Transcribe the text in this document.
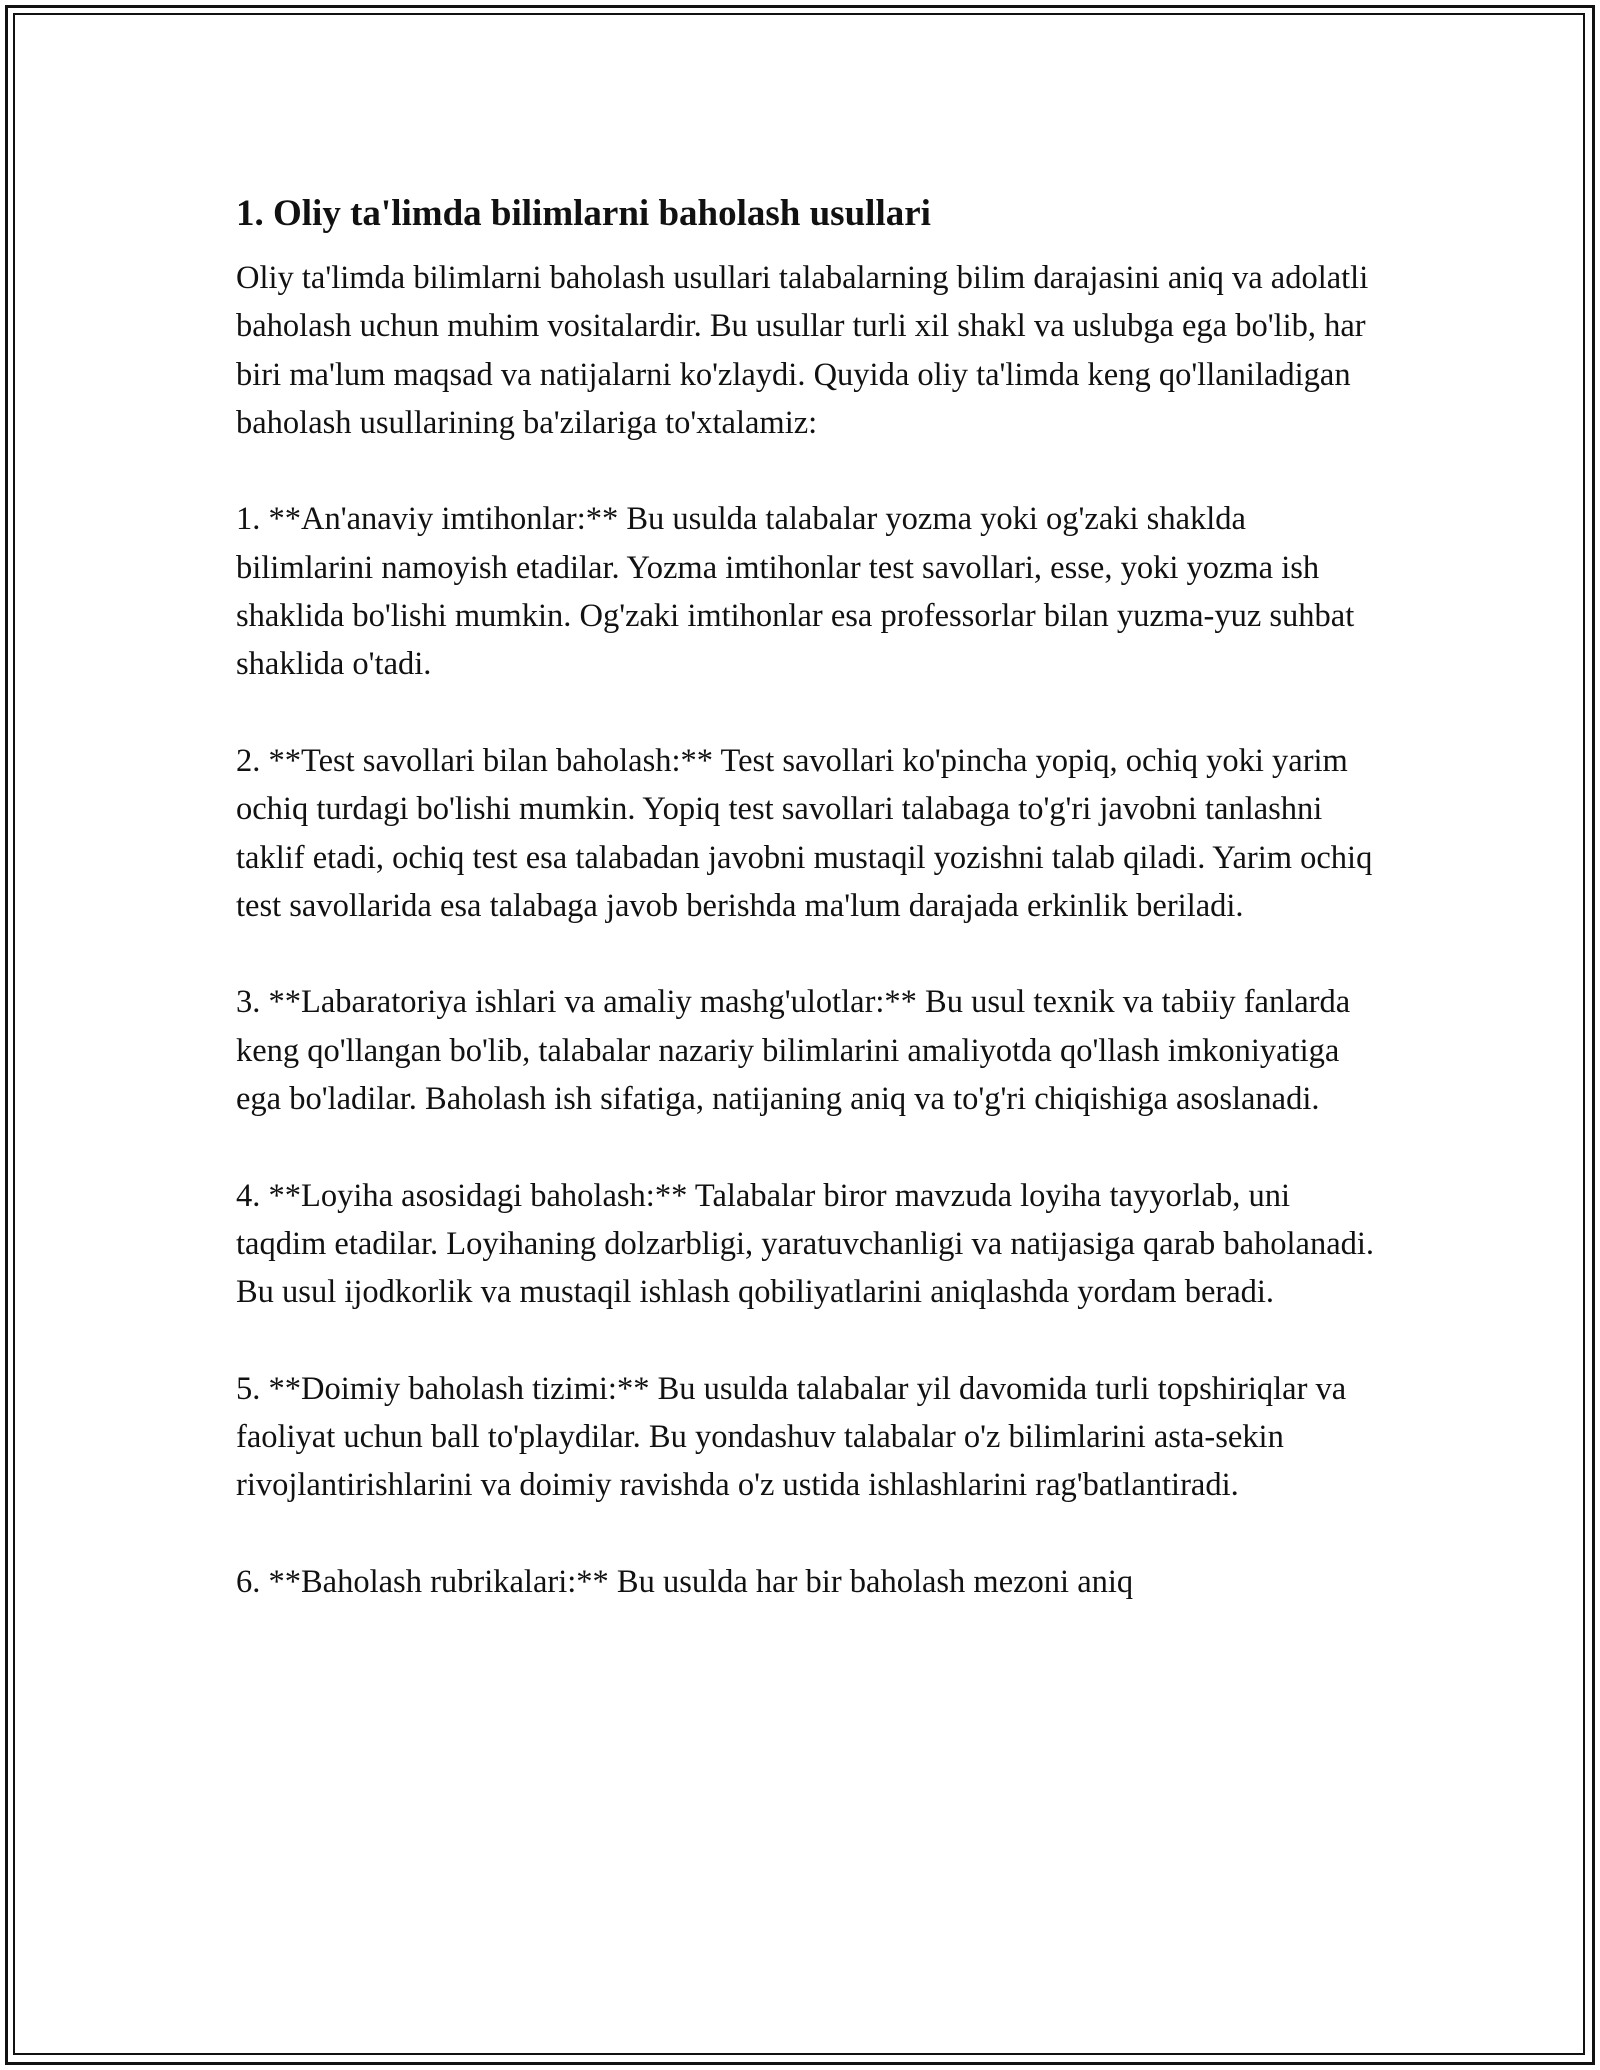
1. Oliy ta'limda bilimlarni baholash usullari

Oliy ta'limda bilimlarni baholash usullari talabalarning bilim darajasini aniq va adolatli baholash uchun muhim vositalardir. Bu usullar turli xil shakl va uslubga ega bo'lib, har biri ma'lum maqsad va natijalarni ko'zlaydi. Quyida oliy ta'limda keng qo'llaniladigan baholash usullarining ba'zilariga to'xtalamiz:

1. **An'anaviy imtihonlar:** Bu usulda talabalar yozma yoki og'zaki shaklda bilimlarini namoyish etadilar. Yozma imtihonlar test savollari, esse, yoki yozma ish shaklida bo'lishi mumkin. Og'zaki imtihonlar esa professorlar bilan yuzma-yuz suhbat shaklida o'tadi.

2. **Test savollari bilan baholash:** Test savollari ko'pincha yopiq, ochiq yoki yarim ochiq turdagi bo'lishi mumkin. Yopiq test savollari talabaga to'g'ri javobni tanlashni taklif etadi, ochiq test esa talabadan javobni mustaqil yozishni talab qiladi. Yarim ochiq test savollarida esa talabaga javob berishda ma'lum darajada erkinlik beriladi.

3. **Labaratoriya ishlari va amaliy mashg'ulotlar:** Bu usul texnik va tabiiy fanlarda keng qo'llangan bo'lib, talabalar nazariy bilimlarini amaliyotda qo'llash imkoniyatiga ega bo'ladilar. Baholash ish sifatiga, natijaning aniq va to'g'ri chiqishiga asoslanadi.

4. **Loyiha asosidagi baholash:** Talabalar biror mavzuda loyiha tayyorlab, uni taqdim etadilar. Loyihaning dolzarbligi, yaratuvchanligi va natijasiga qarab baholanadi. Bu usul ijodkorlik va mustaqil ishlash qobiliyatlarini aniqlashda yordam beradi.

5. **Doimiy baholash tizimi:** Bu usulda talabalar yil davomida turli topshiriqlar va faoliyat uchun ball to'playdilar. Bu yondashuv talabalar o'z bilimlarini asta-sekin rivojlantirishlarini va doimiy ravishda o'z ustida ishlashlarini rag'batlantiradi.

6. **Baholash rubrikalari:** Bu usulda har bir baholash mezoni aniq
